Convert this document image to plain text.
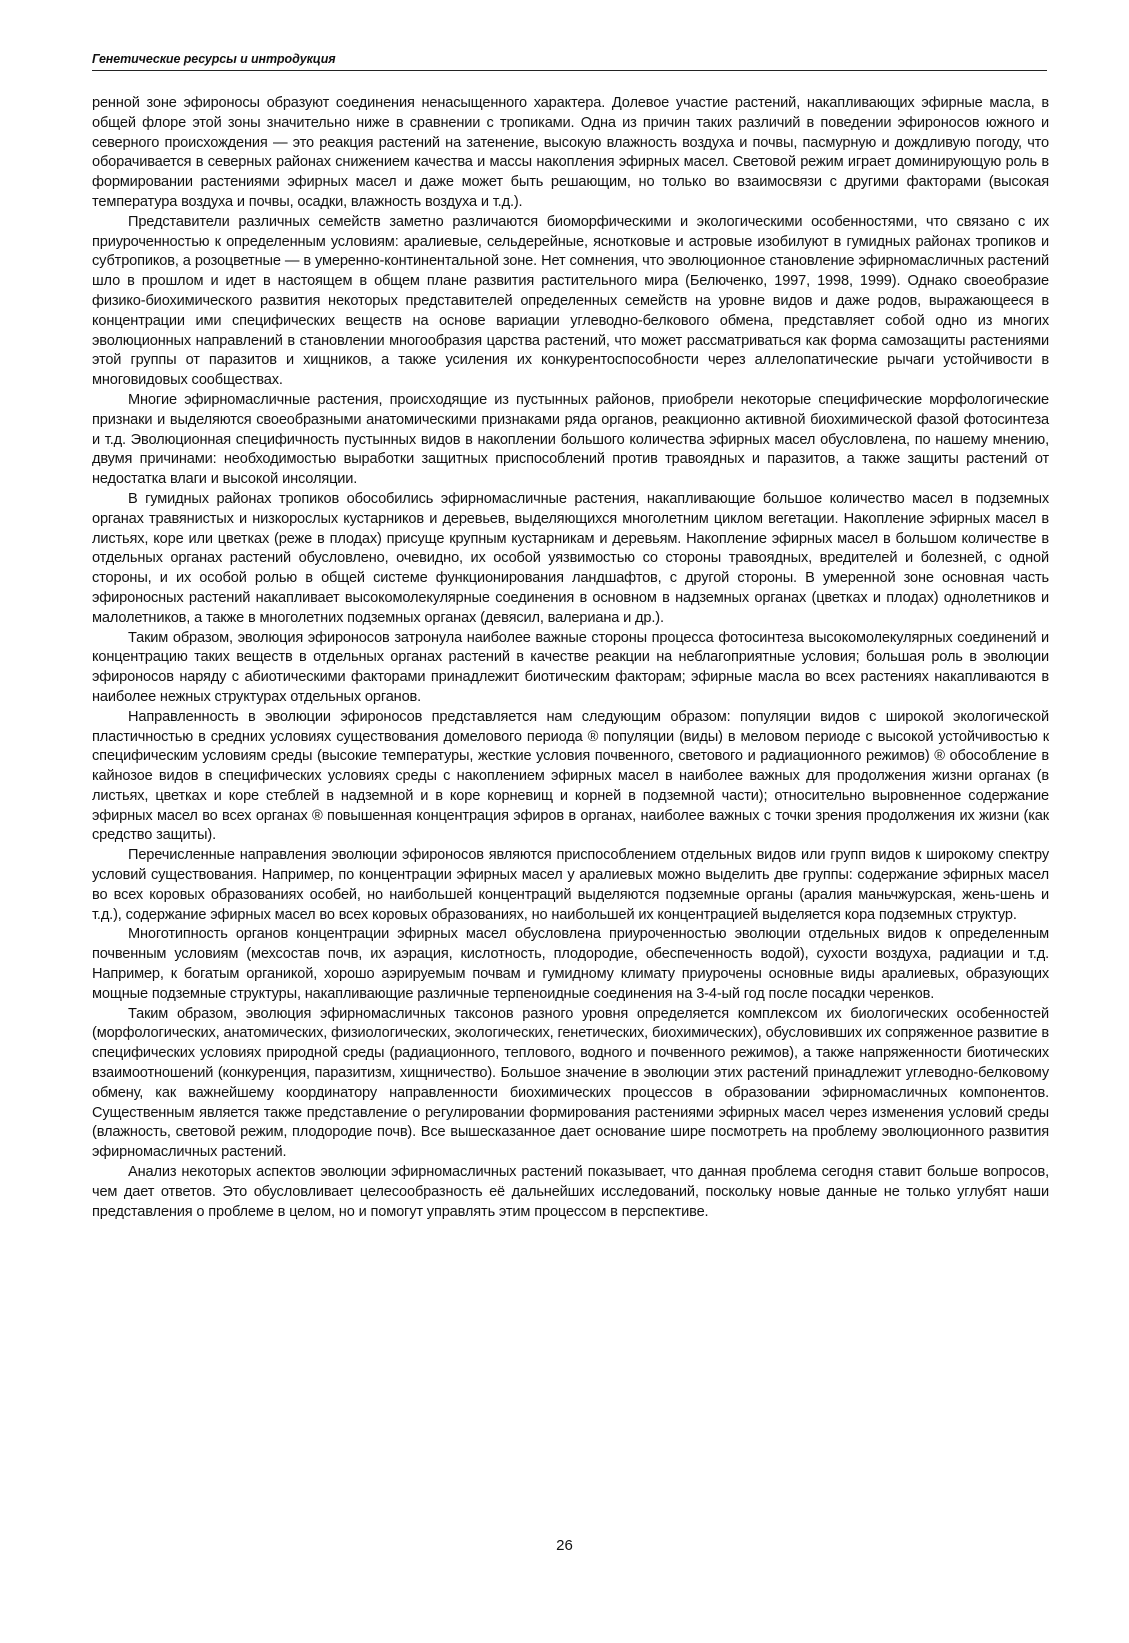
Генетические ресурсы и интродукция

ренной зоне эфироносы образуют соединения ненасыщенного характера. Долевое участие растений, накапливающих эфирные масла, в общей флоре этой зоны значительно ниже в сравнении с тропиками. Одна из причин таких различий в поведении эфироносов южного и северного происхождения — это реакция растений на затенение, высокую влажность воздуха и почвы, пасмурную и дождливую погоду, что оборачивается в северных районах снижением качества и массы накопления эфирных масел. Световой режим играет доминирующую роль в формировании растениями эфирных масел и даже может быть решающим, но только во взаимосвязи с другими факторами (высокая температура воздуха и почвы, осадки, влажность воздуха и т.д.).

Представители различных семейств заметно различаются биоморфическими и экологическими особенностями, что связано с их приуроченностью к определенным условиям: аралиевые, сельдерейные, яснотковые и астровые изобилуют в гумидных районах тропиков и субтропиков, а розоцветные — в умеренно-континентальной зоне. Нет сомнения, что эволюционное становление эфирномасличных растений шло в прошлом и идет в настоящем в общем плане развития растительного мира (Белюченко, 1997, 1998, 1999). Однако своеобразие физико-биохимического развития некоторых представителей определенных семейств на уровне видов и даже родов, выражающееся в концентрации ими специфических веществ на основе вариации углеводно-белкового обмена, представляет собой одно из многих эволюционных направлений в становлении многообразия царства растений, что может рассматриваться как форма самозащиты растениями этой группы от паразитов и хищников, а также усиления их конкурентоспособности через аллелопатические рычаги устойчивости в многовидовых сообществах.

Многие эфирномасличные растения, происходящие из пустынных районов, приобрели некоторые специфические морфологические признаки и выделяются своеобразными анатомическими признаками ряда органов, реакционно активной биохимической фазой фотосинтеза и т.д. Эволюционная специфичность пустынных видов в накоплении большого количества эфирных масел обусловлена, по нашему мнению, двумя причинами: необходимостью выработки защитных приспособлений против травоядных и паразитов, а также защиты растений от недостатка влаги и высокой инсоляции.

В гумидных районах тропиков обособились эфирномасличные растения, накапливающие большое количество масел в подземных органах травянистых и низкорослых кустарников и деревьев, выделяющихся многолетним циклом вегетации. Накопление эфирных масел в листьях, коре или цветках (реже в плодах) присуще крупным кустарникам и деревьям. Накопление эфирных масел в большом количестве в отдельных органах растений обусловлено, очевидно, их особой уязвимостью со стороны травоядных, вредителей и болезней, с одной стороны, и их особой ролью в общей системе функционирования ландшафтов, с другой стороны. В умеренной зоне основная часть эфироносных растений накапливает высокомолекулярные соединения в основном в надземных органах (цветках и плодах) однолетников и малолетников, а также в многолетних подземных органах (девясил, валериана и др.).

Таким образом, эволюция эфироносов затронула наиболее важные стороны процесса фотосинтеза высокомолекулярных соединений и концентрацию таких веществ в отдельных органах растений в качестве реакции на неблагоприятные условия; большая роль в эволюции эфироносов наряду с абиотическими факторами принадлежит биотическим факторам; эфирные масла во всех растениях накапливаются в наиболее нежных структурах отдельных органов.

Направленность в эволюции эфироносов представляется нам следующим образом: популяции видов с широкой экологической пластичностью в средних условиях существования домелового периода ® популяции (виды) в меловом периоде с высокой устойчивостью к специфическим условиям среды (высокие температуры, жесткие условия почвенного, светового и радиационного режимов) ® обособление в кайнозое видов в специфических условиях среды с накоплением эфирных масел в наиболее важных для продолжения жизни органах (в листьях, цветках и коре стеблей в надземной и в коре корневищ и корней в подземной части); относительно выровненное содержание эфирных масел во всех органах ® повышенная концентрация эфиров в органах, наиболее важных с точки зрения продолжения их жизни (как средство защиты).

Перечисленные направления эволюции эфироносов являются приспособлением отдельных видов или групп видов к широкому спектру условий существования. Например, по концентрации эфирных масел у аралиевых можно выделить две группы: содержание эфирных масел во всех коровых образованиях особей, но наибольшей концентраций выделяются подземные органы (аралия маньчжурская, жень-шень и т.д.), содержание эфирных масел во всех коровых образованиях, но наибольшей их концентрацией выделяется кора подземных структур.

Многотипность органов концентрации эфирных масел обусловлена приуроченностью эволюции отдельных видов к определенным почвенным условиям (мехсостав почв, их аэрация, кислотность, плодородие, обеспеченность водой), сухости воздуха, радиации и т.д. Например, к богатым органикой, хорошо аэрируемым почвам и гумидному климату приурочены основные виды аралиевых, образующих мощные подземные структуры, накапливающие различные терпеноидные соединения на 3-4-ый год после посадки черенков.

Таким образом, эволюция эфирномасличных таксонов разного уровня определяется комплексом их биологических особенностей (морфологических, анатомических, физиологических, экологических, генетических, биохимических), обусловивших их сопряженное развитие в специфических условиях природной среды (радиационного, теплового, водного и почвенного режимов), а также напряженности биотических взаимоотношений (конкуренция, паразитизм, хищничество). Большое значение в эволюции этих растений принадлежит углеводно-белковому обмену, как важнейшему координатору направленности биохимических процессов в образовании эфирномасличных компонентов. Существенным является также представление о регулировании формирования растениями эфирных масел через изменения условий среды (влажность, световой режим, плодородие почв). Все вышесказанное дает основание шире посмотреть на проблему эволюционного развития эфирномасличных растений.

Анализ некоторых аспектов эволюции эфирномасличных растений показывает, что данная проблема сегодня ставит больше вопросов, чем дает ответов. Это обусловливает целесообразность её дальнейших исследований, поскольку новые данные не только углубят наши представления о проблеме в целом, но и помогут управлять этим процессом в перспективе.

26
